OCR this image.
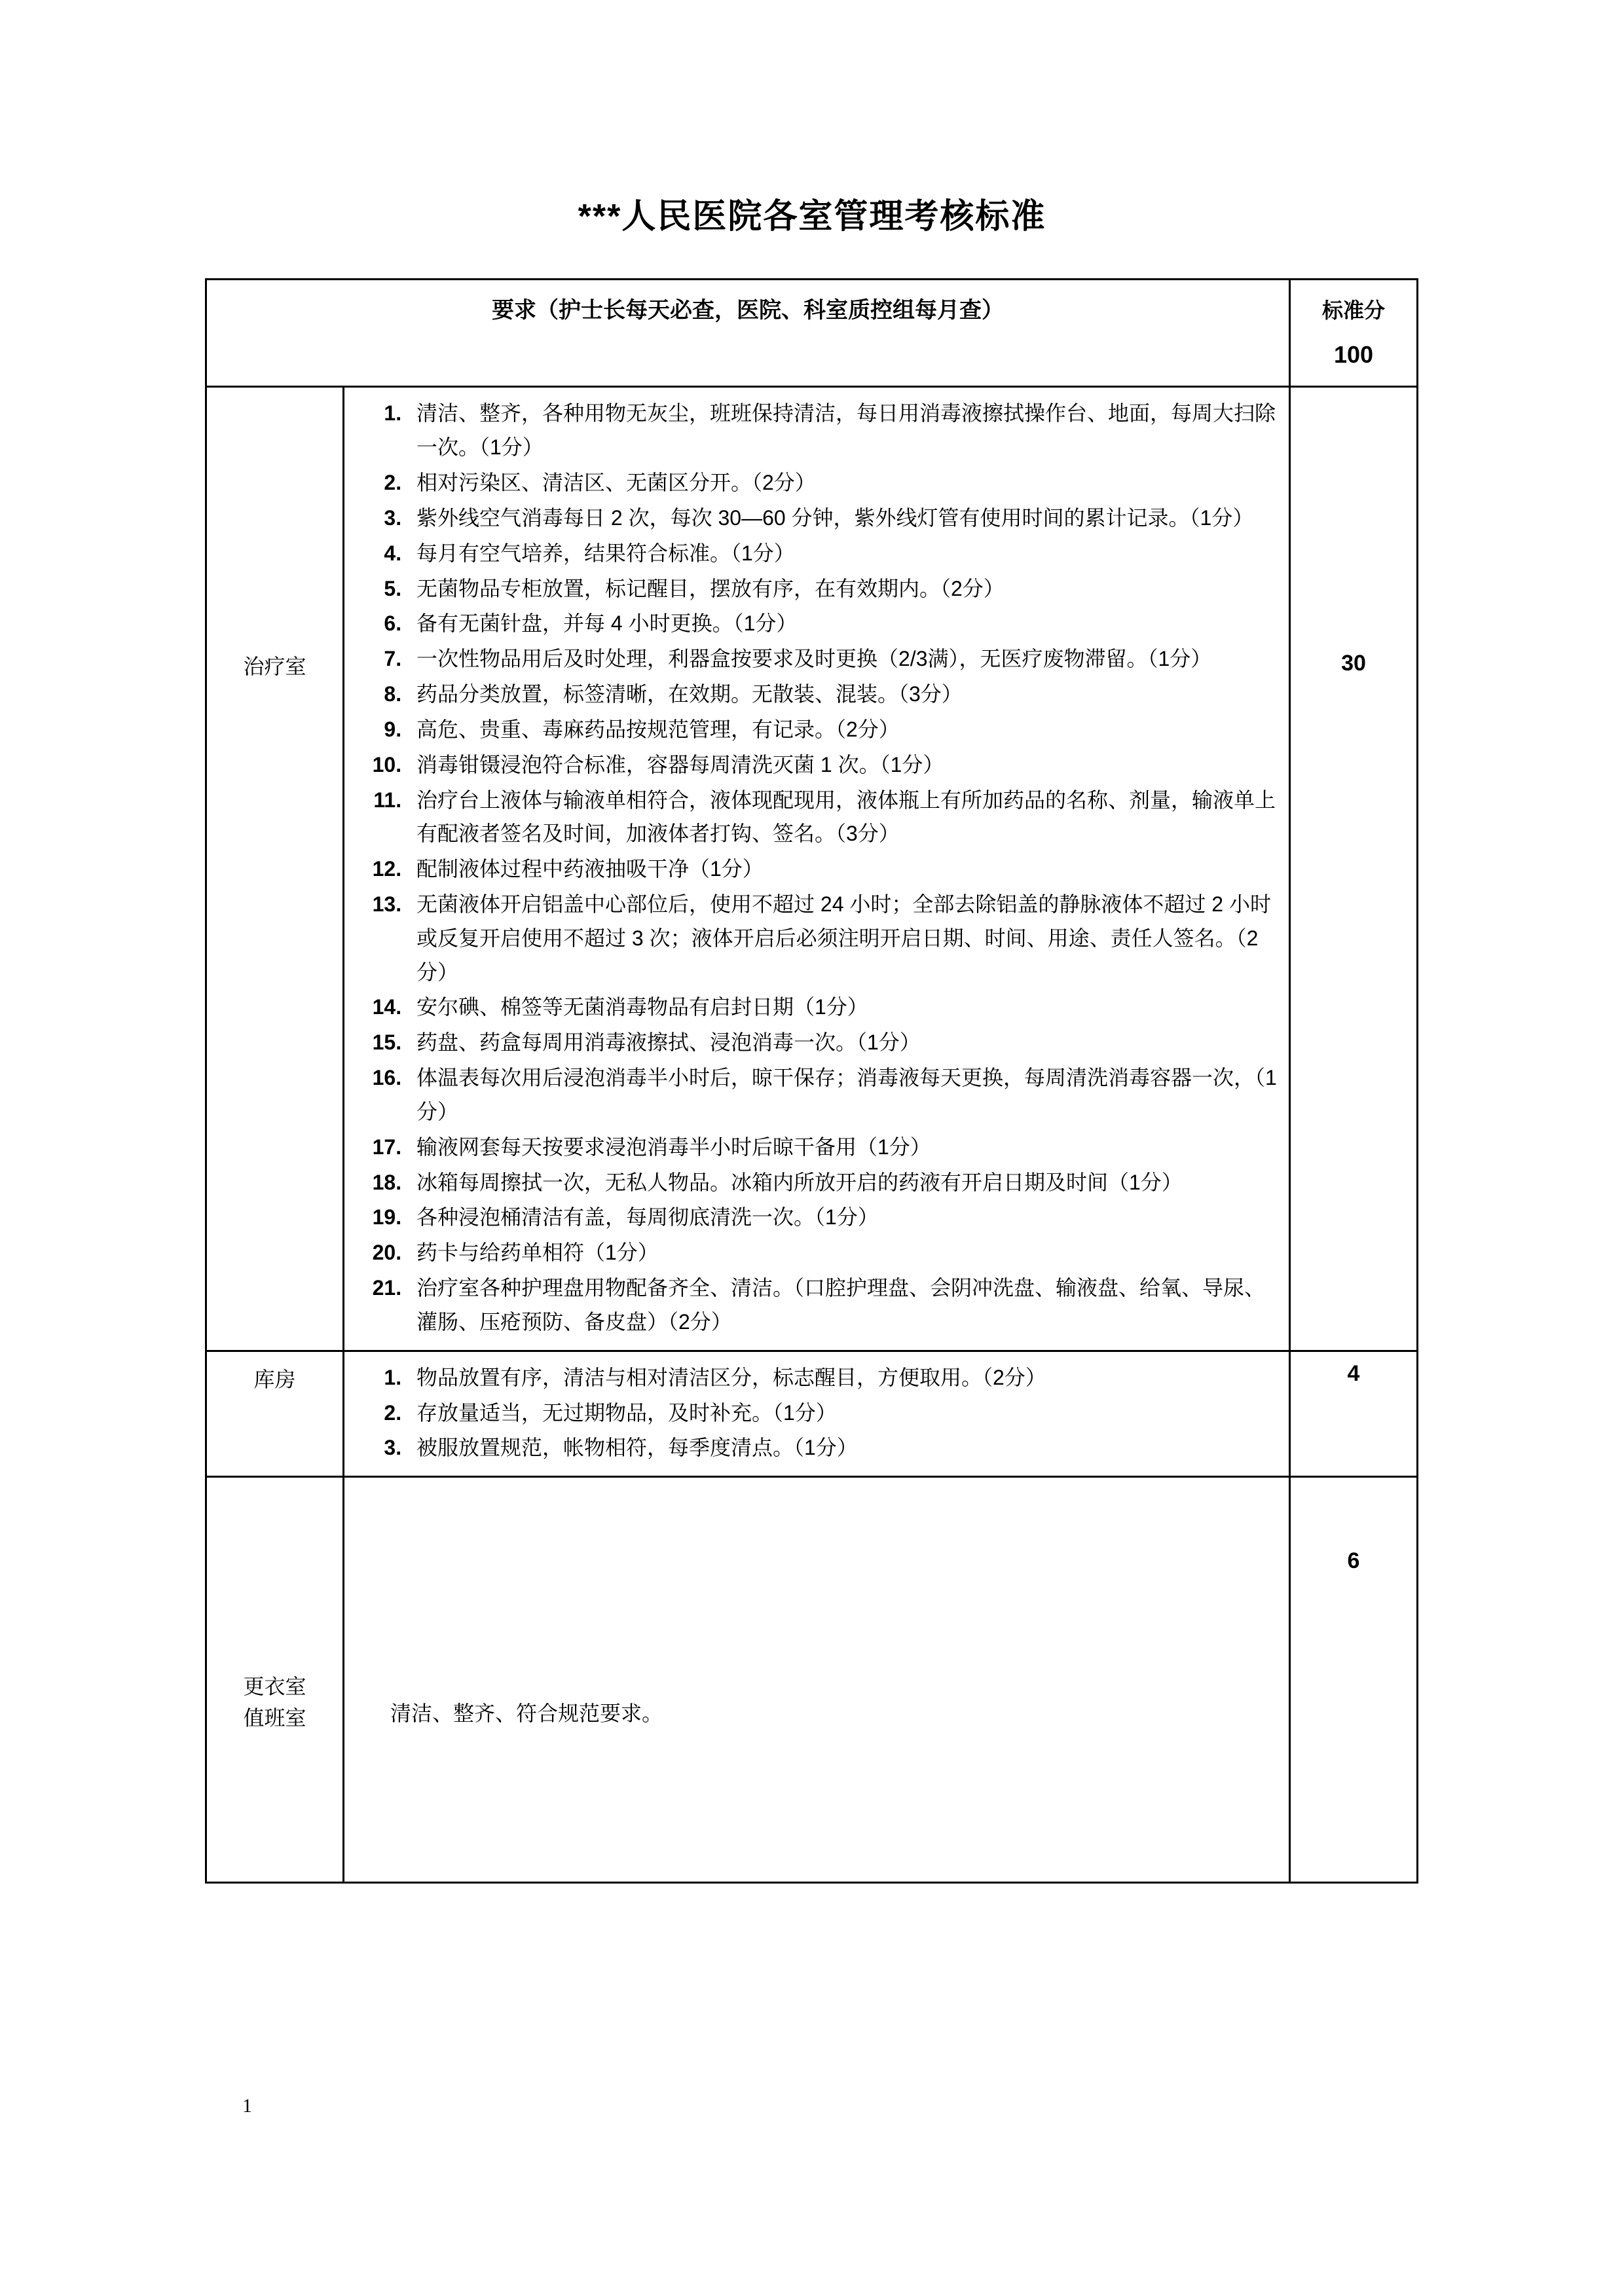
***人民医院各室管理考核标准
要求（护士长每天必查，医院、科室质控组每月查）		标准分
100

治疗室

1. 清洁、整齐，各种用物无灰尘，班班保持清洁，每日用消毒液擦拭操作台、地面，每周大扫除一次。（1分）
2. 相对污染区、清洁区、无菌区分开。（2分）
3. 紫外线空气消毒每日 2 次，每次 30—60 分钟，紫外线灯管有使用时间的累计记录。（1分）
4. 每月有空气培养，结果符合标准。（1分）
5. 无菌物品专柜放置，标记醒目，摆放有序，在有效期内。（2分）
6. 备有无菌针盘，并每 4 小时更换。（1分）
7. 一次性物品用后及时处理，利器盒按要求及时更换（2/3满），无医疗废物滞留。（1分）
8. 药品分类放置，标签清晰，在效期。无散装、混装。（3分）
9. 高危、贵重、毒麻药品按规范管理，有记录。（2分）
10. 消毒钳镊浸泡符合标准，容器每周清洗灭菌 1 次。（1分）
11. 治疗台上液体与输液单相符合，液体现配现用，液体瓶上有所加药品的名称、剂量，输液单上有配液者签名及时间，加液体者打钩、签名。（3分）
12. 配制液体过程中药液抽吸干净（1分）
13. 无菌液体开启铝盖中心部位后，使用不超过 24 小时；全部去除铝盖的静脉液体不超过 2 小时或反复开启使用不超过 3 次；液体开启后必须注明开启日期、时间、用途、责任人签名。（2分）
14. 安尔碘、棉签等无菌消毒物品有启封日期（1分）
15. 药盘、药盒每周用消毒液擦拭、浸泡消毒一次。（1分）
16. 体温表每次用后浸泡消毒半小时后，晾干保存；消毒液每天更换，每周清洗消毒容器一次，（1分）
17. 输液网套每天按要求浸泡消毒半小时后晾干备用（1分）
18. 冰箱每周擦拭一次，无私人物品。冰箱内所放开启的药液有开启日期及时间（1分）
19. 各种浸泡桶清洁有盖，每周彻底清洗一次。（1分）
20. 药卡与给药单相符（1分）
21. 治疗室各种护理盘用物配备齐全、清洁。（口腔护理盘、会阴冲洗盘、输液盘、给氧、导尿、灌肠、压疮预防、备皮盘）（2分）

30

库房

1.物品放置有序，清洁与相对清洁区分，标志醒目，方便取用。（2分）
2. 存放量适当，无过期物品，及时补充。（1分）
3. 被服放置规范，帐物相符，每季度清点。（1分）

4

更衣室
值班室	清洁、整齐、符合规范要求。	6
1
